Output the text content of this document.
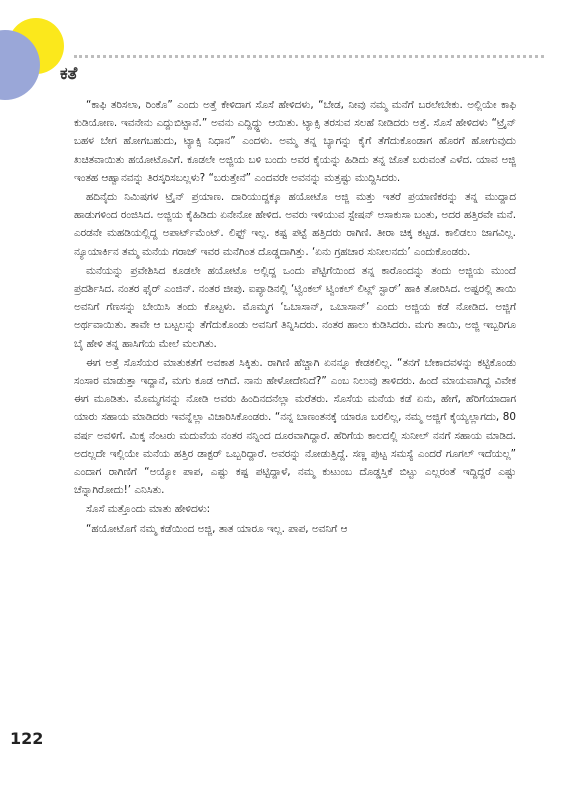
ಕತೆ

“ಕಾಫಿ ತರಿಸಲಾ, ರಿಂಕೊ” ಎಂದು ಅತ್ತೆ ಕೇಳಿದಾಗ ಸೊಸೆ ಹೇಳಿದಳು, “ಬೇಡ, ನೀವು ನಮ್ಮ ಮನೆಗೆ ಬರಲೇಬೇಕು. ಅಲ್ಲಿಯೇ ಕಾಫಿ ಕುಡಿಯೋಣ. ಇವನೇನು ಎದ್ದುಬಿಟ್ಟಾನೆ.” ಅವನು ಎದ್ದಿದ್ದ್ದು ಆಯಿತು. ಟ್ಯಾಕ್ಸಿ ತರಸುವ ಸಲಹೆ ನೀಡಿದರು ಅತ್ತೆ. ಸೊಸೆ ಹೇಳಿದಳು “ಟ್ರೈನ್ ಬಹಳ ಬೇಗ ಹೋಗಬಹುದು, ಟ್ಯಾಕ್ಸಿ ನಿಧಾನ” ಎಂದಳು. ಅಮ್ಮ ತನ್ನ ಬ್ಯಾಗನ್ನು ಕೈಗೆ ತೆಗೆದುಕೊಂಡಾಗ ಹೊರಗೆ ಹೋಗುವುದು ಖಚಿತವಾಯಿತು ಹಯೋಟೊವಿಗೆ. ಕೂಡಲೇ ಅಜ್ಜಿಯ ಬಳಿ ಬಂದು ಅವರ ಕೈಯನ್ನು ಹಿಡಿದು ತನ್ನ ಜೊತೆ ಬರುವಂತೆ ಎಳೆದ. ಯಾವ ಅಜ್ಜಿ ಇಂತಹ ಆಹ್ವಾನವನ್ನು ತಿರಸ್ಕರಿಸಬಲ್ಲಳು? “ಬರುತ್ತೇನೆ” ಎಂದವರೇ ಅವನನ್ನು ಮತ್ತಷ್ಟು ಮುದ್ದಿಸಿದರು.

ಹದಿನೈದು ನಿಮಿಷಗಳ ಟ್ರೈನ್ ಪ್ರಯಾಣ. ದಾರಿಯುದ್ದಕ್ಕೂ ಹಯೋಟೊ ಅಜ್ಜಿ ಮತ್ತು ಇತರೆ ಪ್ರಯಾಣಿಕರನ್ನು ತನ್ನ ಮುದ್ದಾದ ಹಾಡುಗಳಿಂದ ರಂಜಿಸಿದ. ಅಜ್ಜಿಯ ಕೈಹಿಡಿದು ಏನೇನೋ ಹೇಳಿದ. ಅವರು ಇಳಿಯುವ ಸ್ಟೇಷನ್ ಅಸಾಕುಸಾ ಬಂತು, ಅದರ ಹತ್ತಿರವೇ ಮನೆ. ಎರಡನೇ ಮಹಡಿಯಲ್ಲಿದ್ದ ಅಪಾರ್ಟ್‌ಮೆಂಟ್. ಲಿಫ್ಟ್ ಇಲ್ಲ. ಕಷ್ಟ ಪಟ್ಟೆ ಹತ್ತಿದರು ರಾಗಿಣಿ. ತೀರಾ ಚಿಕ್ಕ ಕಟ್ಟಡ. ಕಾಲಿಡಲು ಜಾಗವಿಲ್ಲ. ನ್ಯೂಯಾರ್ಕಿನ ತಮ್ಮ ಮನೆಯ ಗರಾಜ್ ಇವರ ಮನೆಗಿಂತ ದೊಡ್ಡದಾಗಿತ್ತು. ‘ಏನು ಗ್ರಹಚಾರ ಸುನೀಲನದು’ ಎಂದುಕೊಂಡರು.

ಮನೆಯನ್ನು ಪ್ರವೇಶಿಸಿದ ಕೂಡಲೇ ಹಯೋಟೊ ಅಲ್ಲಿದ್ದ ಒಂದು ಪೆಟ್ಟಿಗೆಯಿಂದ ತನ್ನ ಕಾರೊಂದನ್ನು ತಂದು ಅಜ್ಜಿಯ ಮುಂದೆ ಪ್ರದರ್ಶಿಸಿದ. ನಂತರ ಫೈರ್ ಎಂಜಿನ್. ನಂತರ ಜೀಪು. ಐಪ್ಯಾಡಿನಲ್ಲಿ ‘ಟ್ವಿಂಕಲ್ ಟ್ವಿಂಕಲ್ ಲಿಟ್ಲ್ ಸ್ಟಾರ್’ ಹಾಕಿ ತೋರಿಸಿದ. ಅಷ್ಟರಲ್ಲಿ ತಾಯಿ ಅವನಿಗೆ ಗೆಣಸನ್ನು ಬೇಯಿಸಿ ತಂದು ಕೊಟ್ಟಳು. ಮೊಮ್ಮಗ ‘ಒಬಾಸಾನ್, ಒಬಾಸಾನ್’ ಎಂದು ಅಜ್ಜಿಯ ಕಡೆ ನೋಡಿದ. ಅಜ್ಜಿಗೆ ಅರ್ಥವಾಯಿತು. ತಾವೇ ಆ ಬಟ್ಟಲನ್ನು ತೆಗೆದುಕೊಂಡು ಅವನಿಗೆ ತಿನ್ನಿಸಿದರು. ನಂತರ ಹಾಲು ಕುಡಿಸಿದರು. ಮಗು ತಾಯಿ, ಅಜ್ಜಿ ಇಬ್ಬರಿಗೂ ಬೈ ಹೇಳಿ ತನ್ನ ಹಾಸಿಗೆಯ ಮೇಲೆ ಮಲಗಿತು.

ಈಗ ಅತ್ತೆ ಸೊಸೆಯರ ಮಾತುಕತೆಗೆ ಅವಕಾಶ ಸಿಕ್ಕಿತು. ರಾಗಿಣಿ ಹೆಚ್ಚಾಗಿ ಏನನ್ನೂ ಕೇಡಕಲಿಲ್ಲ. “ತನಗೆ ಬೇಕಾದವಳನ್ನು ಕಟ್ಟಿಕೊಂಡು ಸಂಸಾರ ಮಾಡುತ್ತಾ ಇದ್ದಾನೆ, ಮಗು ಕೂಡ ಆಗಿದೆ. ನಾನು ಹೇಳೋದೇನಿದೆ?” ಎಂಬ ನಿಲುವು ತಾಳಿದರು. ಹಿಂದೆ ಮಾಯವಾಗಿದ್ದ ವಿವೇಕ ಈಗ ಮೂಡಿತು. ಮೊಮ್ಮಗನನ್ನು ನೋಡಿ ಅವರು ಹಿಂದಿನದನೆಲ್ಲಾ ಮರೆತರು. ಸೊಸೆಯ ಮನೆಯ ಕಡೆ ಏನು, ಹೇಗೆ, ಹೆರಿಗೆಯಾದಾಗ ಯಾರು ಸಹಾಯ ಮಾಡಿದರು ಇವನ್ನೆಲ್ಲಾ ವಿಚಾರಿಸಿಕೊಂಡರು. “ನನ್ನ ಬಾಣಂತನಕ್ಕೆ ಯಾರೂ ಬರಲಿಲ್ಲ, ನಮ್ಮ ಅಜ್ಜಿಗೆ ಕೈಯ್ಯಲ್ಲಾಗದು, 80 ವರ್ಷ ಅವಳಿಗೆ. ಮಿಕ್ಕ ನೆಂಟರು ಮದುವೆಯ ನಂತರ ನನ್ನಿಂದ ದೂರವಾಗಿದ್ದಾರೆ. ಹೆರಿಗೆಯ ಕಾಲದಲ್ಲಿ ಸುನೀಲ್ ನನಗೆ ಸಹಾಯ ಮಾಡಿದ. ಅದಲ್ಲದೇ ಇಲ್ಲಿಯೇ ಮನೆಯ ಹತ್ತಿರ ಡಾಕ್ಟರ್ ಒಬ್ಬರಿದ್ದಾರೆ. ಅವರನ್ನು ನೋಡುತ್ತಿದ್ದೆ. ಸಣ್ಣ ಪುಟ್ಟ ಸಮಸ್ಯೆ ಎಂದರೆ ಗೂಗಲ್ ಇದೆಯಲ್ಲ” ಎಂದಾಗ ರಾಗಿಣಿಗೆ “ಅಯ್ಯೋ ಪಾಪ, ಎಷ್ಟು ಕಷ್ಟ ಪಟ್ಟಿದ್ದಾಳೆ, ನಮ್ಮ ಕುಟುಂಬ ದೊಡ್ಡಸ್ತಿಕೆ ಬಿಟ್ಟು ಎಲ್ಲರಂತೆ ಇದ್ದಿದ್ದರೆ ಎಷ್ಟು ಚೆನ್ನಾಗಿರೋದು!’ ಎನಿಸಿತು.

ಸೊಸೆ ಮತ್ತೊಂದು ಮಾತು ಹೇಳಿದಳು:

“ಹಯೋಟೊಗೆ ನಮ್ಮ ಕಡೆಯಿಂದ ಅಜ್ಜಿ, ತಾತ ಯಾರೂ ಇಲ್ಲ. ಪಾಪ, ಅವನಿಗೆ ಆ

122
